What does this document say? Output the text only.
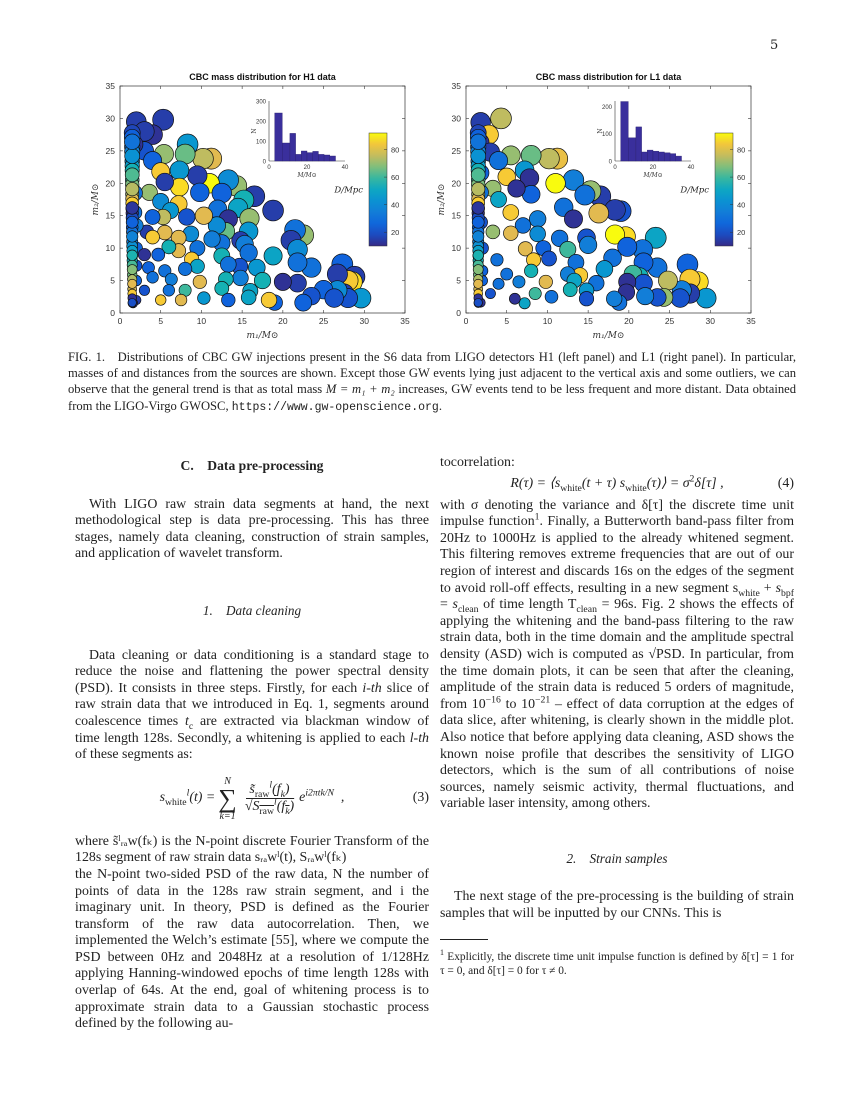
5
CBC mass distribution for H1 data
0	5	10	15	20	25	30	35
0
5
10
15
20
25
30
35
m₁/M⊙
m₂/M⊙
0
100
200
300
0	20	40
M/M⊙
N
20
40
60
80
D/Mpc
CBC mass distribution for L1 data
0	5	10	15	20	25	30	35
0
5
10
15
20
25
30
35
m₁/M⊙
m₂/M⊙
0
100
200
0	20	40
M/M⊙
N
20
40
60
80
D/Mpc
FIG. 1. Distributions of CBC GW injections present in the S6 data from LIGO detectors H1 (left panel) and L1 (right panel). In particular, masses of and distances from the sources are shown. Except those GW events lying just adjacent to the vertical axis and some outliers, we can observe that the general trend is that as total mass M = m₁ + m₂ increases, GW events tend to be less frequent and more distant. Data obtained from the LIGO-Virgo GWOSC, https://www.gw-openscience.org.
C. Data pre-processing

With LIGO raw strain data segments at hand, the next methodological step is data pre-processing. This has three stages, namely data cleaning, construction of strain samples, and application of wavelet transform.

1. Data cleaning

Data cleaning or data conditioning is a standard stage to reduce the noise and flattening the power spectral density (PSD). It consists in three steps. Firstly, for each i-th slice of raw strain data that we introduced in Eq. 1, segments around coalescence times $t_c$ are extracted via blackman window of time length 128s. Secondly, a whitening is applied to each l-th of these segments as:

$s_{white}^l(t)$ =
N
∑
k=1
$\frac{s̃_{raw}^l(f_k)}{√S_{raw}^l(f_k)} e^{i2\pi tk/N}$  ,	(3)

where s̃ˡᵣₐw(fₖ) is the N-point discrete Fourier Transform of the 128s segment of raw strain data sᵣₐwˡ(t), Sᵣₐwˡ(fₖ)

the N-point two-sided PSD of the raw data, N the number of points of data in the 128s raw strain segment, and i the imaginary unit. In theory, PSD is defined as the Fourier transform of the raw data autocorrelation. Then, we implemented the Welch’s estimate [55], where we compute the PSD between 0Hz and 2048Hz at a resolution of 1/128Hz applying Hanning-windowed epochs of time length 128s with overlap of 64s. At the end, goal of whitening process is to approximate strain data to a Gaussian stochastic process defined by the following au-

tocorrelation:

$R(\tau) = ⟨s_{white}(t + \tau)$ $s_{white}(\tau)⟩ = \sigma^2\delta[\tau]$ ,	(4)

with σ denoting the variance and δ[τ] the discrete time unit impulse function$^1$. Finally, a Butterworth band-pass filter from 20Hz to 1000Hz is applied to the already whitened segment. This filtering removes extreme frequencies that are out of our region of interest and discards 16s on the edges of the segment to avoid roll-off effects, resulting in a new segment $s_{white} + s_{bpf} = s_{clean}$ of time length $T_{clean} = 96s$. Fig. 2 shows the effects of applying the whitening and the band-pass filtering to the raw strain data, both in the time domain and the amplitude spectral density (ASD) wich is computed as √PSD. In particular, from the time domain plots, it can be seen that after the cleaning, amplitude of the strain data is reduced 5 orders of magnitude, from $10^{-16}$ to $10^{-21}$ – effect of data corruption at the edges of data slice, after whitening, is clearly shown in the middle plot. Also notice that before applying data cleaning, ASD shows the known noise profile that describes the sensitivity of LIGO detectors, which is the sum of all contributions of noise sources, namely seismic activity, thermal fluctuations, and variable laser intensity, among others.

2. Strain samples

The next stage of the pre-processing is the building of strain samples that will be inputted by our CNNs. This is

$^1$ Explicitly, the discrete time unit impulse function is defined by δ[τ] = 1 for τ = 0, and δ[τ] = 0 for τ ≠ 0.
